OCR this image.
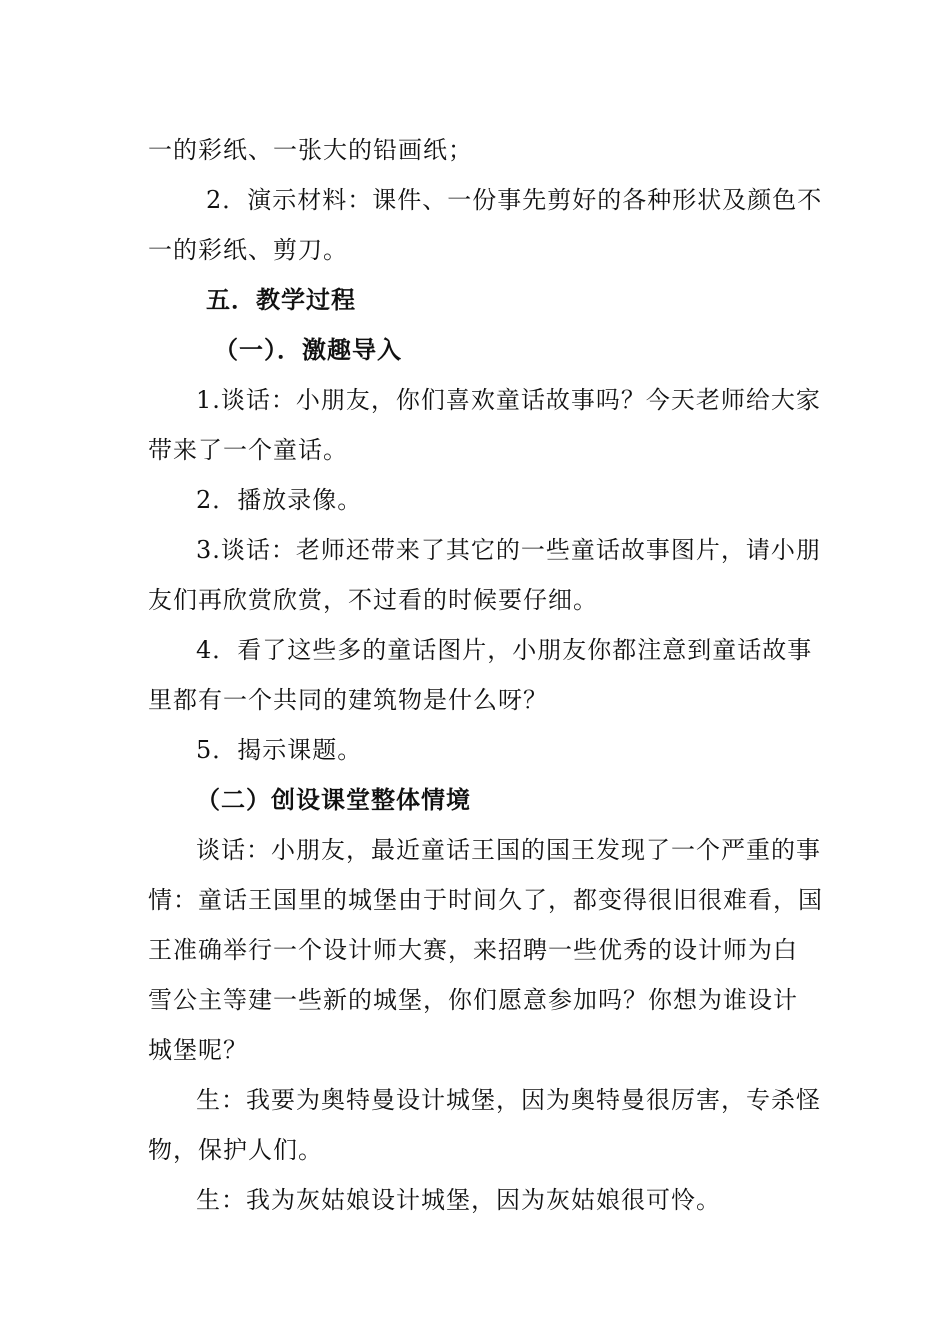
一的彩纸、一张大的铅画纸；
2．演示材料：课件、一份事先剪好的各种形状及颜色不
一的彩纸、剪刀。
五．教学过程
（一）．激趣导入
1.谈话：小朋友，你们喜欢童话故事吗？今天老师给大家
带来了一个童话。
2．播放录像。
3.谈话：老师还带来了其它的一些童话故事图片，请小朋
友们再欣赏欣赏，不过看的时候要仔细。
4．看了这些多的童话图片，小朋友你都注意到童话故事
里都有一个共同的建筑物是什么呀？
5．揭示课题。
（二）创设课堂整体情境
谈话：小朋友，最近童话王国的国王发现了一个严重的事
情：童话王国里的城堡由于时间久了，都变得很旧很难看，国
王准确举行一个设计师大赛，来招聘一些优秀的设计师为白
雪公主等建一些新的城堡，你们愿意参加吗？你想为谁设计
城堡呢？
生：我要为奥特曼设计城堡，因为奥特曼很厉害，专杀怪
物，保护人们。
生：我为灰姑娘设计城堡，因为灰姑娘很可怜。
